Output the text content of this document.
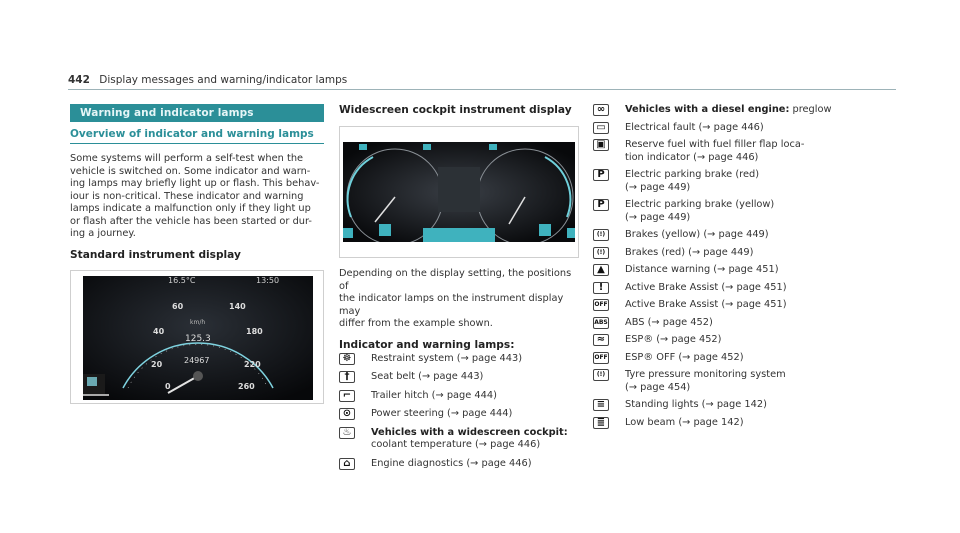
442 Display messages and warning/indicator lamps
Warning and indicator lamps
Overview of indicator and warning lamps
Some systems will perform a self-test when the
vehicle is switched on. Some indicator and warn-
ing lamps may briefly light up or flash. This behav-
iour is non-critical. These indicator and warning
lamps indicate a malfunction only if they light up
or flash after the vehicle has been started or dur-
ing a journey.
Standard instrument display
16.5°C	13:50
0
20
40
60	140
180
220
260
km/h
125.3
24967
Widescreen cockpit instrument display
Depending on the display setting, the positions of
the indicator lamps on the instrument display may
differ from the example shown.
Indicator and warning lamps:
☸	Restraint system (→ page 443)
†	Seat belt (→ page 443)
⌐	Trailer hitch (→ page 444)
⊙	Power steering (→ page 444)
♨	Vehicles with a widescreen cockpit:
coolant temperature (→ page 446)
⌂	Engine diagnostics (→ page 446)
∞	Vehicles with a diesel engine: preglow
▭	Electrical fault (→ page 446)
▣	Reserve fuel with fuel filler flap loca-
tion indicator (→ page 446)
P	Electric parking brake (red)
(→ page 449)
P	Electric parking brake (yellow)
(→ page 449)
(!)	Brakes (yellow) (→ page 449)
(!)	Brakes (red) (→ page 449)
▲	Distance warning (→ page 451)
!	Active Brake Assist (→ page 451)
OFF Active Brake Assist (→ page 451)
ABS ABS (→ page 452)
≈	ESP® (→ page 452)
OFF ESP® OFF (→ page 452)
(!)	Tyre pressure monitoring system
(→ page 454)
≡	Standing lights (→ page 142)
≣	Low beam (→ page 142)
